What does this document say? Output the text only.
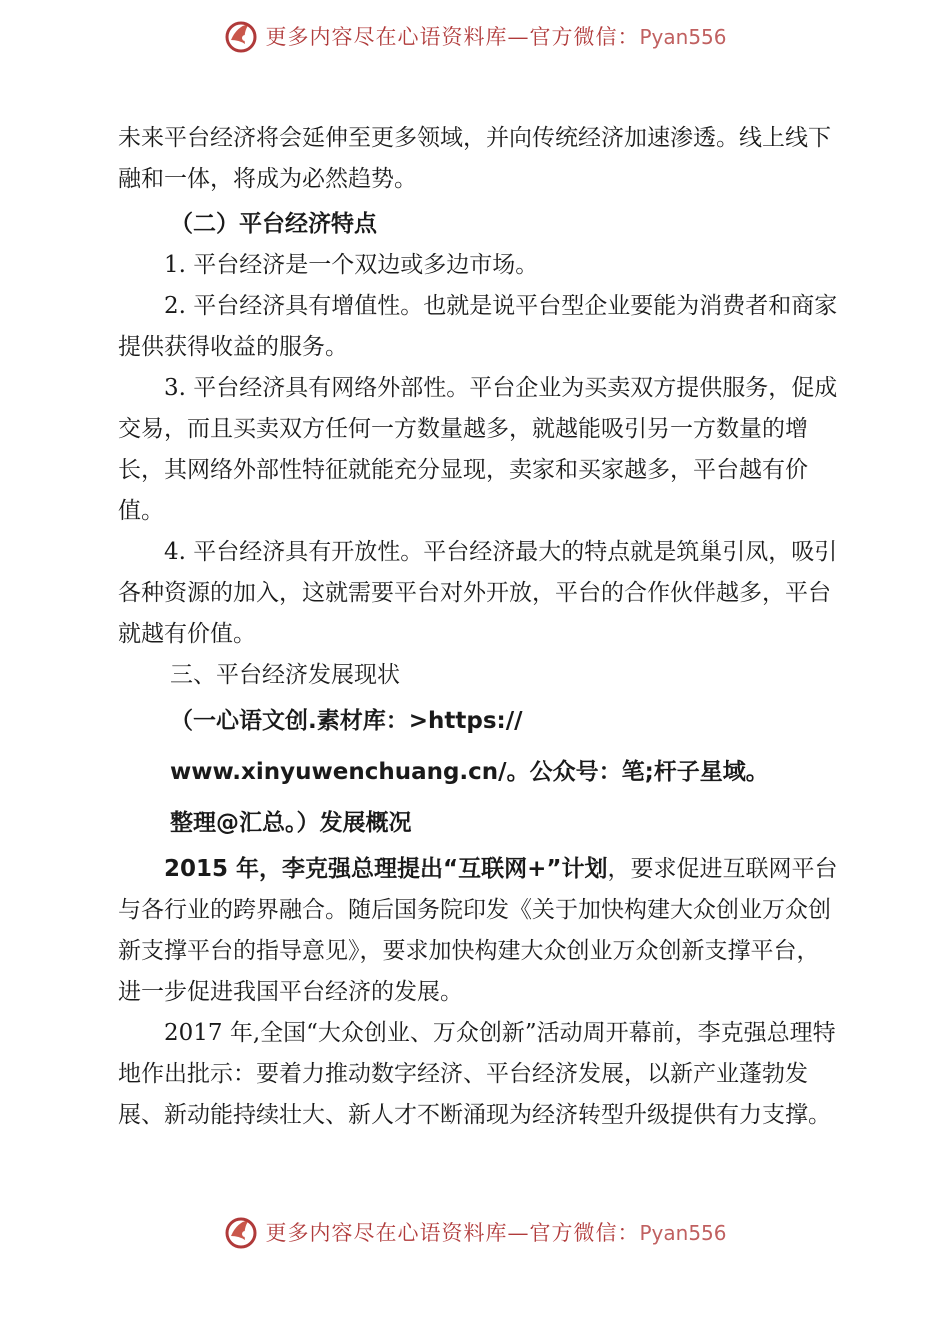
更多内容尽在心语资料库—官方微信：Pyan556

未来平台经济将会延伸至更多领域，并向传统经济加速渗透。线上线下融和一体，将成为必然趋势。

（二）平台经济特点

1. 平台经济是一个双边或多边市场。

2. 平台经济具有增值性。也就是说平台型企业要能为消费者和商家提供获得收益的服务。

3. 平台经济具有网络外部性。平台企业为买卖双方提供服务，促成交易，而且买卖双方任何一方数量越多，就越能吸引另一方数量的增长，其网络外部性特征就能充分显现，卖家和买家越多，平台越有价值。

4. 平台经济具有开放性。平台经济最大的特点就是筑巢引凤，吸引各种资源的加入，这就需要平台对外开放，平台的合作伙伴越多，平台就越有价值。

三、平台经济发展现状

（一心语文创.素材库：>https://

www.xinyuwenchuang.cn/。公众号：笔;杆子星域。

整理@汇总。）发展概况

2015 年，李克强总理提出“互联网+”计划，要求促进互联网平台与各行业的跨界融合。随后国务院印发《关于加快构建大众创业万众创新支撑平台的指导意见》，要求加快构建大众创业万众创新支撑平台，进一步促进我国平台经济的发展。

2017 年,全国“大众创业、万众创新”活动周开幕前，李克强总理特地作出批示：要着力推动数字经济、平台经济发展，以新产业蓬勃发展、新动能持续壮大、新人才不断涌现为经济转型升级提供有力支撑。

更多内容尽在心语资料库—官方微信：Pyan556
